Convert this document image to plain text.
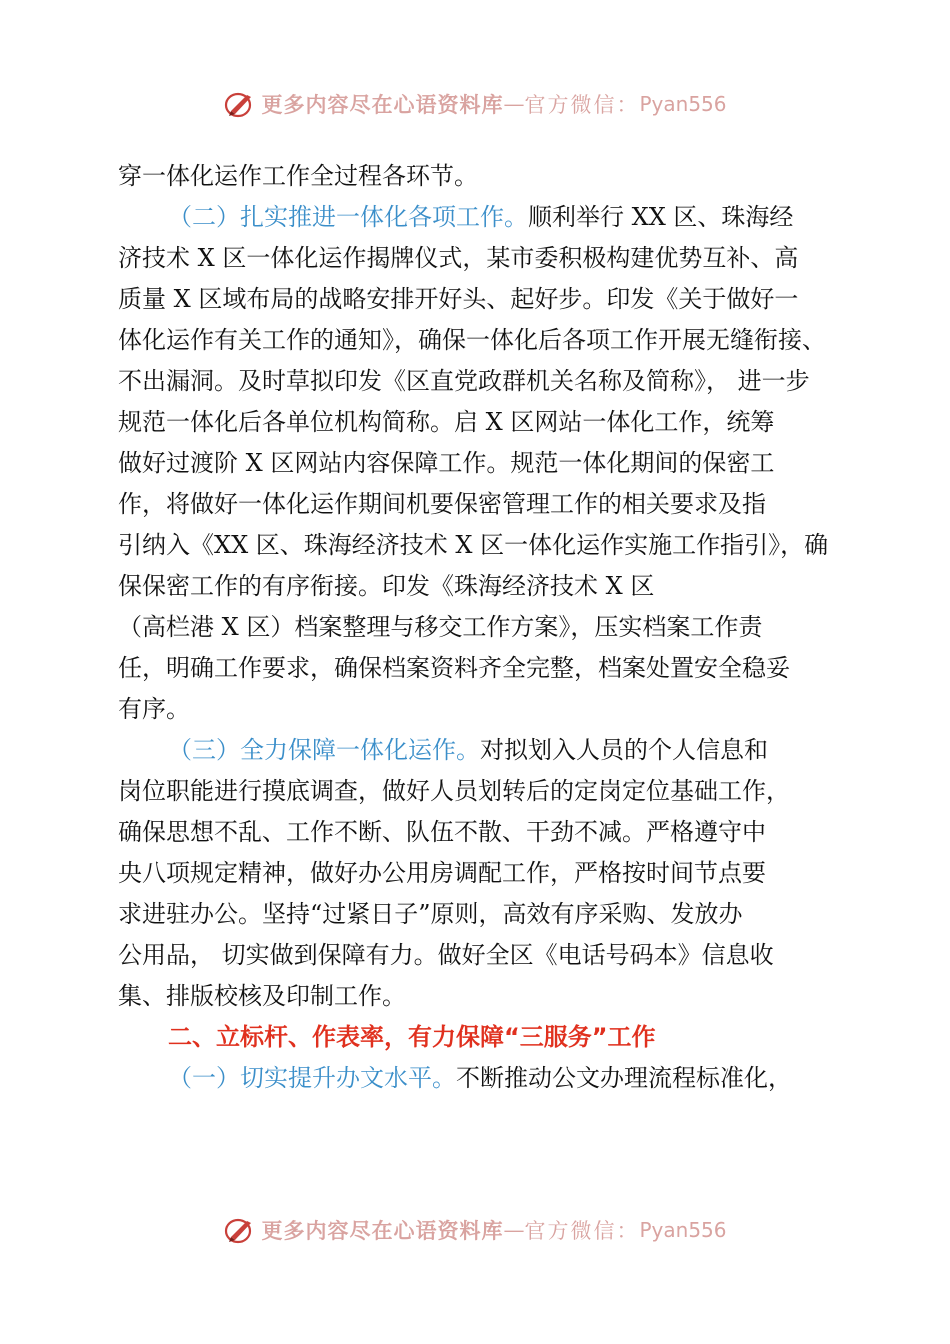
更多内容尽在心语资料库 — 官方微信： Pyan556
穿一体化运作工作全过程各环节。
（二）扎实推进一体化各项工作。顺利举行 XX 区、珠海经
济技术 X 区一体化运作揭牌仪式，某市委积极构建优势互补、高
质量 X 区域布局的战略安排开好头、起好步。印发《关于做好一
体化运作有关工作的通知》，确保一体化后各项工作开展无缝衔接、
不出漏洞。及时草拟印发《区直党政群机关名称及简称》， 进一步
规范一体化后各单位机构简称。启 X 区网站一体化工作，统筹
做好过渡阶 X 区网站内容保障工作。规范一体化期间的保密工
作，将做好一体化运作期间机要保密管理工作的相关要求及指
引纳入《XX 区、珠海经济技术 X 区一体化运作实施工作指引》，确
保保密工作的有序衔接。印发《珠海经济技术 X 区
（高栏港 X 区）档案整理与移交工作方案》，压实档案工作责
任，明确工作要求，确保档案资料齐全完整，档案处置安全稳妥
有序。
（三）全力保障一体化运作。对拟划入人员的个人信息和
岗位职能进行摸底调查，做好人员划转后的定岗定位基础工作，
确保思想不乱、工作不断、队伍不散、干劲不减。严格遵守中
央八项规定精神，做好办公用房调配工作，严格按时间节点要
求进驻办公。坚持“过紧日子”原则，高效有序采购、发放办
公用品， 切实做到保障有力。做好全区《电话号码本》信息收
集、排版校核及印制工作。
二、立标杆、作表率，有力保障“三服务”工作
（一）切实提升办文水平。不断推动公文办理流程标准化，
更多内容尽在心语资料库 — 官方微信： Pyan556
